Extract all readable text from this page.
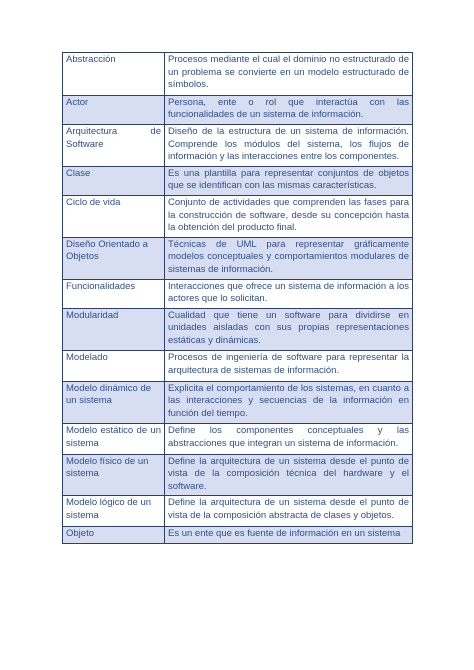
Abstracción	Procesos mediante el cual el dominio no estructurado de un problema se convierte en un modelo estructurado de símbolos.
Actor	Persona, ente o rol que interactúa con las funcionalidades de un sistema de información.
Arquitectura de Software	Diseño de la estructura de un sistema de información. Comprende los módulos del sistema, los flujos de información y las interacciones entre los componentes.
Clase	Es una plantilla para representar conjuntos de objetos que se identifican con las mismas características.
Ciclo de vida	Conjunto de actividades que comprenden las fases para la construcción de software, desde su concepción hasta la obtención del producto final.
Diseño Orientado a Objetos	Técnicas de UML para representar gráficamente modelos conceptuales y comportamientos modulares de sistemas de información.
Funcionalidades	Interacciones que ofrece un sistema de información a los actores que lo solicitan.
Modularidad	Cualidad que tiene un software para dividirse en unidades aisladas con sus propias representaciones estáticas y dinámicas.
Modelado	Procesos de ingeniería de software para representar la arquitectura de sistemas de información.
Modelo dinámico de un sistema	Explicita el comportamiento de los sistemas, en cuanto a las interacciones y secuencias de la información en función del tiempo.
Modelo estático de un sistema	Define los componentes conceptuales y las abstracciones que integran un sistema de información.
Modelo físico de un sistema	Define la arquitectura de un sistema desde el punto de vista de la composición técnica del hardware y el software.
Modelo lógico de un sistema	Define la arquitectura de un sistema desde el punto de vista de la composición abstracta de clases y objetos.
Objeto	Es un ente que es fuente de información en un sistema
